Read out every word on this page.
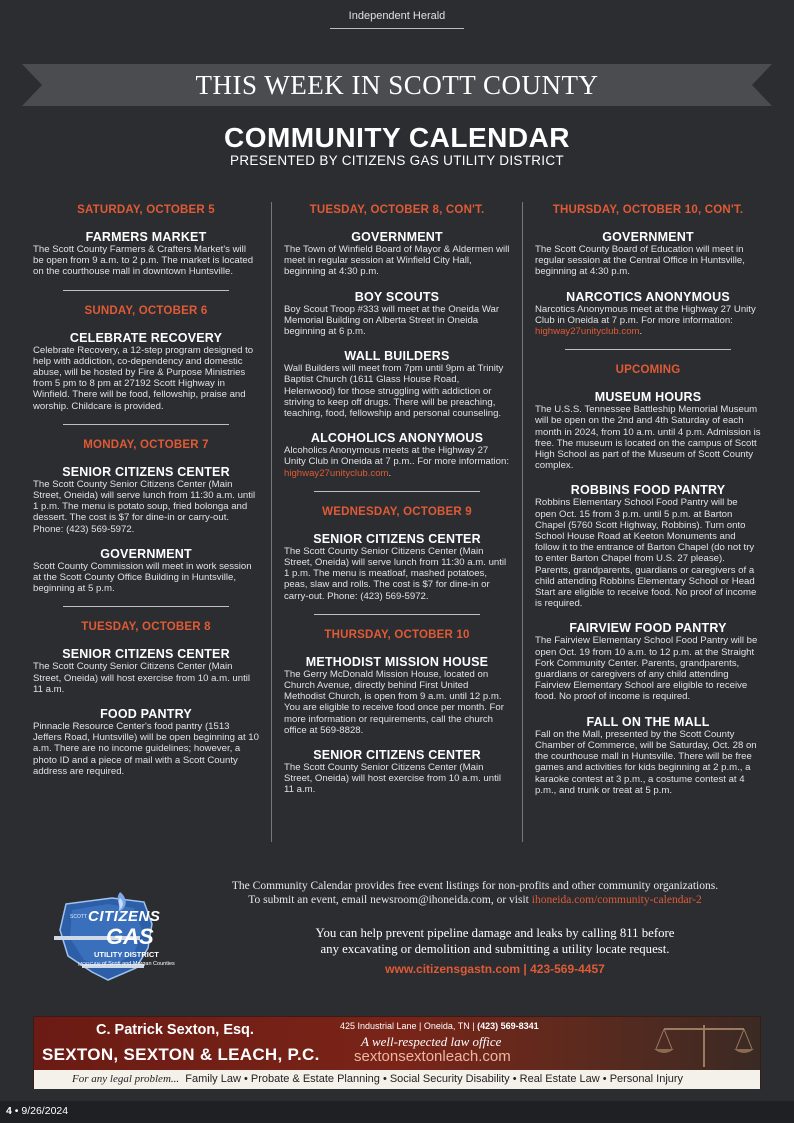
Independent Herald
THIS WEEK IN SCOTT COUNTY
COMMUNITY CALENDAR
PRESENTED BY CITIZENS GAS UTILITY DISTRICT
SATURDAY, OCTOBER 5
FARMERS MARKET
The Scott County Farmers & Crafters Market's will be open from 9 a.m. to 2 p.m. The market is located on the courthouse mall in downtown Huntsville.
SUNDAY, OCTOBER 6
CELEBRATE RECOVERY
Celebrate Recovery, a 12-step program designed to help with addiction, co-dependency and domestic abuse, will be hosted by Fire & Purpose Ministries from 5 pm to 8 pm at 27192 Scott Highway in Winfield. There will be food, fellowship, praise and worship. Childcare is provided.
MONDAY, OCTOBER 7
SENIOR CITIZENS CENTER
The Scott County Senior Citizens Center (Main Street, Oneida) will serve lunch from 11:30 a.m. until 1 p.m. The menu is potato soup, fried bolonga and dessert. The cost is $7 for dine-in or carry-out. Phone: (423) 569-5972.
GOVERNMENT
Scott County Commission will meet in work session at the Scott County Office Building in Huntsville, beginning at 5 p.m.
TUESDAY, OCTOBER 8
SENIOR CITIZENS CENTER
The Scott County Senior Citizens Center (Main Street, Oneida) will host exercise from 10 a.m. until 11 a.m.
FOOD PANTRY
Pinnacle Resource Center's food pantry (1513 Jeffers Road, Huntsville) will be open beginning at 10 a.m. There are no income guidelines; however, a photo ID and a piece of mail with a Scott County address are required.
TUESDAY, OCTOBER 8, CON'T.
GOVERNMENT
The Town of Winfield Board of Mayor & Aldermen will meet in regular session at Winfield City Hall, beginning at 4:30 p.m.
BOY SCOUTS
Boy Scout Troop #333 will meet at the Oneida War Memorial Building on Alberta Street in Oneida beginning at 6 p.m.
WALL BUILDERS
Wall Builders will meet from 7pm until 9pm at Trinity Baptist Church (1611 Glass House Road, Helenwood) for those struggling with addiction or striving to keep off drugs. There will be preaching, teaching, food, fellowship and personal counseling.
ALCOHOLICS ANONYMOUS
Alcoholics Anonymous meets at the Highway 27 Unity Club in Oneida at 7 p.m.. For more information: highway27unityclub.com.
WEDNESDAY, OCTOBER 9
SENIOR CITIZENS CENTER
The Scott County Senior Citizens Center (Main Street, Oneida) will serve lunch from 11:30 a.m. until 1 p.m. The menu is meatloaf, mashed potatoes, peas, slaw and rolls. The cost is $7 for dine-in or carry-out. Phone: (423) 569-5972.
THURSDAY, OCTOBER 10
METHODIST MISSION HOUSE
The Gerry McDonald Mission House, located on Church Avenue, directly behind First United Methodist Church, is open from 9 a.m. until 12 p.m. You are eligible to receive food once per month. For more information or requirements, call the church office at 569-8828.
SENIOR CITIZENS CENTER
The Scott County Senior Citizens Center (Main Street, Oneida) will host exercise from 10 a.m. until 11 a.m.
THURSDAY, OCTOBER 10, CON'T.
GOVERNMENT
The Scott County Board of Education will meet in regular session at the Central Office in Huntsville, beginning at 4:30 p.m.
NARCOTICS ANONYMOUS
Narcotics Anonymous meet at the Highway 27 Unity Club in Oneida at 7 p.m. For more information: highway27unityclub.com.
UPCOMING
MUSEUM HOURS
The U.S.S. Tennessee Battleship Memorial Museum will be open on the 2nd and 4th Saturday of each month in 2024, from 10 a.m. until 4 p.m. Admission is free. The museum is located on the campus of Scott High School as part of the Museum of Scott County complex.
ROBBINS FOOD PANTRY
Robbins Elementary School Food Pantry will be open Oct. 15 from 3 p.m. until 5 p.m. at Barton Chapel (5760 Scott Highway, Robbins). Turn onto School House Road at Keeton Monuments and follow it to the entrance of Barton Chapel (do not try to enter Barton Chapel from U.S. 27 please). Parents, grandparents, guardians or caregivers of a child attending Robbins Elementary School or Head Start are eligible to receive food. No proof of income is required.
FAIRVIEW FOOD PANTRY
The Fairview Elementary School Food Pantry will be open Oct. 19 from 10 a.m. to 12 p.m. at the Straight Fork Community Center. Parents, grandparents, guardians or caregivers of any child attending Fairview Elementary School are eligible to receive food. No proof of income is required.
FALL ON THE MALL
Fall on the Mall, presented by the Scott County Chamber of Commerce, will be Saturday, Oct. 28 on the courthouse mall in Huntsville. There will be free games and activities for kids beginning at 2 p.m., a karaoke contest at 3 p.m., a costume contest at 4 p.m., and trunk or treat at 5 p.m.
CITIZENS
GAS
UTILITY DISTRICT
of Scott and Morgan Counties
SCOTT
MORGAN
The Community Calendar provides free event listings for non-profits and other community organizations.
To submit an event, email newsroom@ihoneida.com, or visit ihoneida.com/community-calendar-2
You can help prevent pipeline damage and leaks by calling 811 before
any excavating or demolition and submitting a utility locate request.
www.citizensgastn.com | 423-569-4457
C. Patrick Sexton, Esq.
SEXTON, SEXTON & LEACH, P.C.
425 Industrial Lane | Oneida, TN | (423) 569-8341
A well-respected law office
sextonsextonleach.com
For any legal problem... Family Law • Probate & Estate Planning • Social Security Disability • Real Estate Law • Personal Injury
4 • 9/26/2024
